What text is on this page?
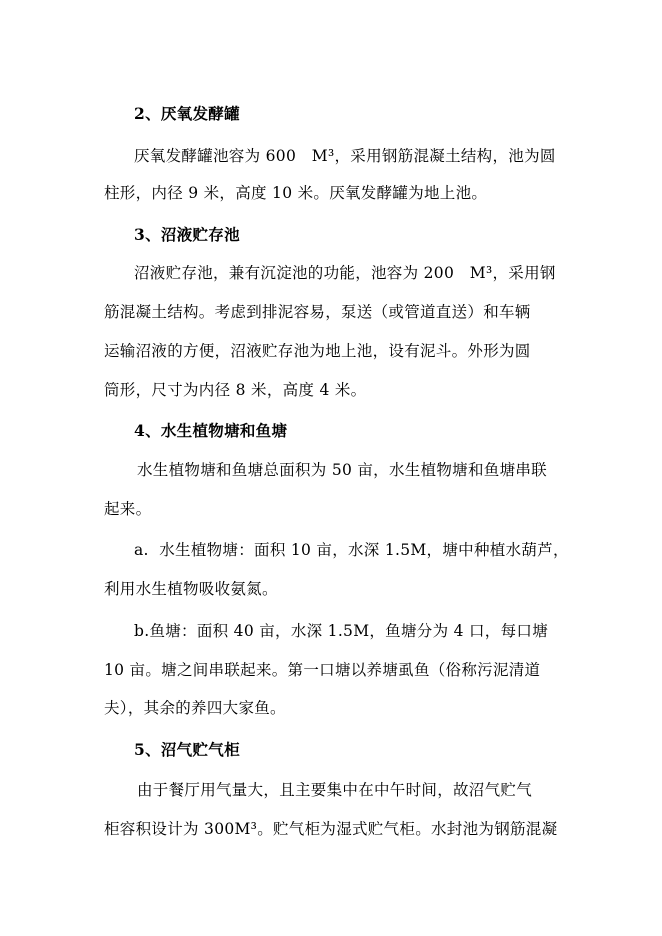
2、厌氧发酵罐
厌氧发酵罐池容为 600   M³，采用钢筋混凝土结构，池为圆
柱形，内径 9 米，高度 10 米。厌氧发酵罐为地上池。
3、沼液贮存池
沼液贮存池，兼有沉淀池的功能，池容为 200   M³，采用钢
筋混凝土结构。考虑到排泥容易，泵送（或管道直送）和车辆
运输沼液的方便，沼液贮存池为地上池，设有泥斗。外形为圆
筒形，尺寸为内径 8 米，高度 4 米。
4、水生植物塘和鱼塘
水生植物塘和鱼塘总面积为 50 亩，水生植物塘和鱼塘串联
起来。
a.  水生植物塘：面积 10 亩，水深 1.5M，塘中种植水葫芦，
利用水生植物吸收氨氮。
b.鱼塘：面积 40 亩，水深 1.5M，鱼塘分为 4 口，每口塘
10 亩。塘之间串联起来。第一口塘以养塘虱鱼（俗称污泥清道
夫），其余的养四大家鱼。
5、沼气贮气柜
由于餐厅用气量大，且主要集中在中午时间，故沼气贮气
柜容积设计为 300M³。贮气柜为湿式贮气柜。水封池为钢筋混凝
